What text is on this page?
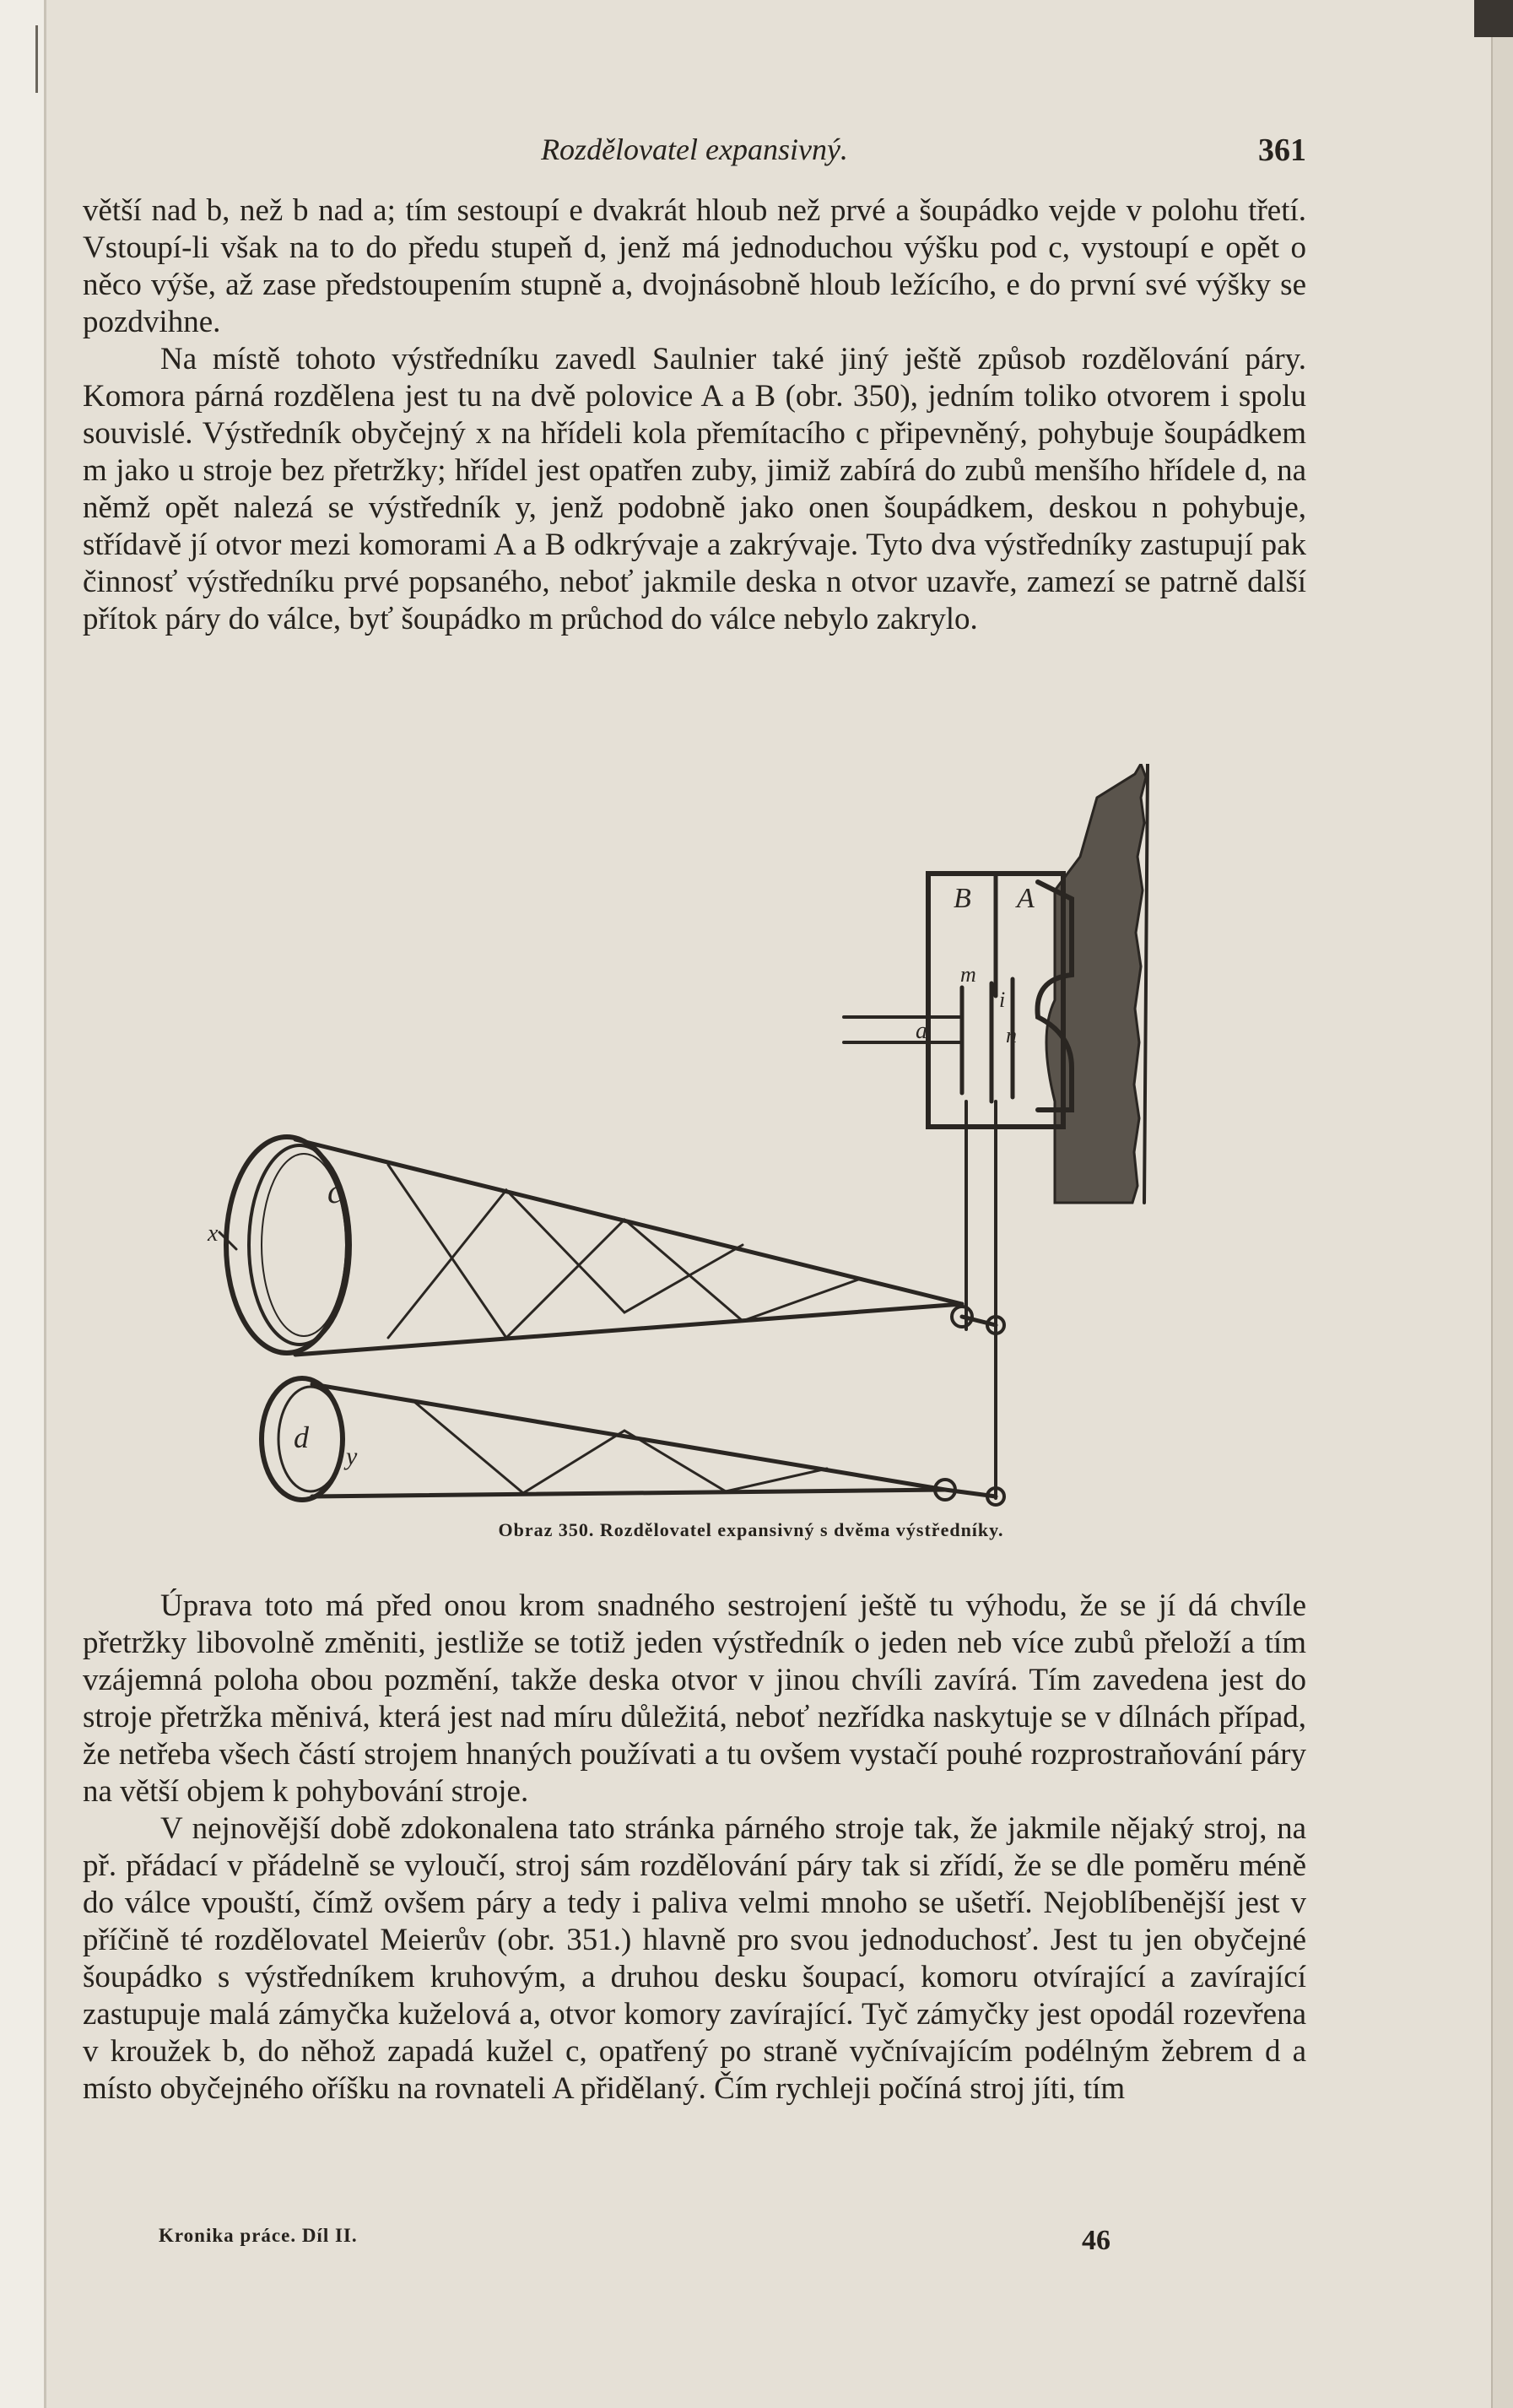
Rozdělovatel expansivný.	361

větší nad b, než b nad a; tím sestoupí e dvakrát hloub než prvé a šoupádko vejde v polohu třetí. Vstoupí-li však na to do předu stupeň d, jenž má jednoduchou výšku pod c, vystoupí e opět o něco výše, až zase předstoupením stupně a, dvojnásobně hloub ležícího, e do první své výšky se pozdvihne.

Na místě tohoto výstředníku zavedl Saulnier také jiný ještě způsob rozdělování páry. Komora párná rozdělena jest tu na dvě polovice A a B (obr. 350), jedním toliko otvorem i spolu souvislé. Výstředník obyčejný x na hřídeli kola přemítacího c připevněný, pohybuje šoupádkem m jako u stroje bez přetržky; hřídel jest opatřen zuby, jimiž zabírá do zubů menšího hřídele d, na němž opět nalezá se výstředník y, jenž podobně jako onen šoupádkem, deskou n pohybuje, střídavě jí otvor mezi komorami A a B odkrývaje a zakrývaje. Tyto dva výstředníky zastupují pak činnosť výstředníku prvé popsaného, neboť jakmile deska n otvor uzavře, zamezí se patrně další přítok páry do válce, byť šoupádko m průchod do válce nebylo zakrylo.

B A
m
i
n
a
c
x
d
y
Obraz 350. Rozdělovatel expansivný s dvěma výstředníky.

Úprava toto má před onou krom snadného sestrojení ještě tu výhodu, že se jí dá chvíle přetržky libovolně změniti, jestliže se totiž jeden výstředník o jeden neb více zubů přeloží a tím vzájemná poloha obou pozmění, takže deska otvor v jinou chvíli zavírá. Tím zavedena jest do stroje přetržka měnivá, která jest nad míru důležitá, neboť nezřídka naskytuje se v dílnách případ, že netřeba všech částí strojem hnaných používati a tu ovšem vystačí pouhé rozprostraňování páry na větší objem k pohybování stroje.

V nejnovější době zdokonalena tato stránka párného stroje tak, že jakmile nějaký stroj, na př. přádací v přádelně se vyloučí, stroj sám rozdělování páry tak si zřídí, že se dle poměru méně do válce vpouští, čímž ovšem páry a tedy i paliva velmi mnoho se ušetří. Nejoblíbenější jest v příčině té rozdělovatel Meierův (obr. 351.) hlavně pro svou jednoduchosť. Jest tu jen obyčejné šoupádko s výstředníkem kruhovým, a druhou desku šoupací, komoru otvírající a zavírající zastupuje malá zámyčka kuželová a, otvor komory zavírající. Tyč zámyčky jest opodál rozevřena v kroužek b, do něhož zapadá kužel c, opatřený po straně vyčnívajícím podélným žebrem d a místo obyčejného oříšku na rovnateli A přidělaný. Čím rychleji počíná stroj jíti, tím

Kronika práce. Díl II.	46
